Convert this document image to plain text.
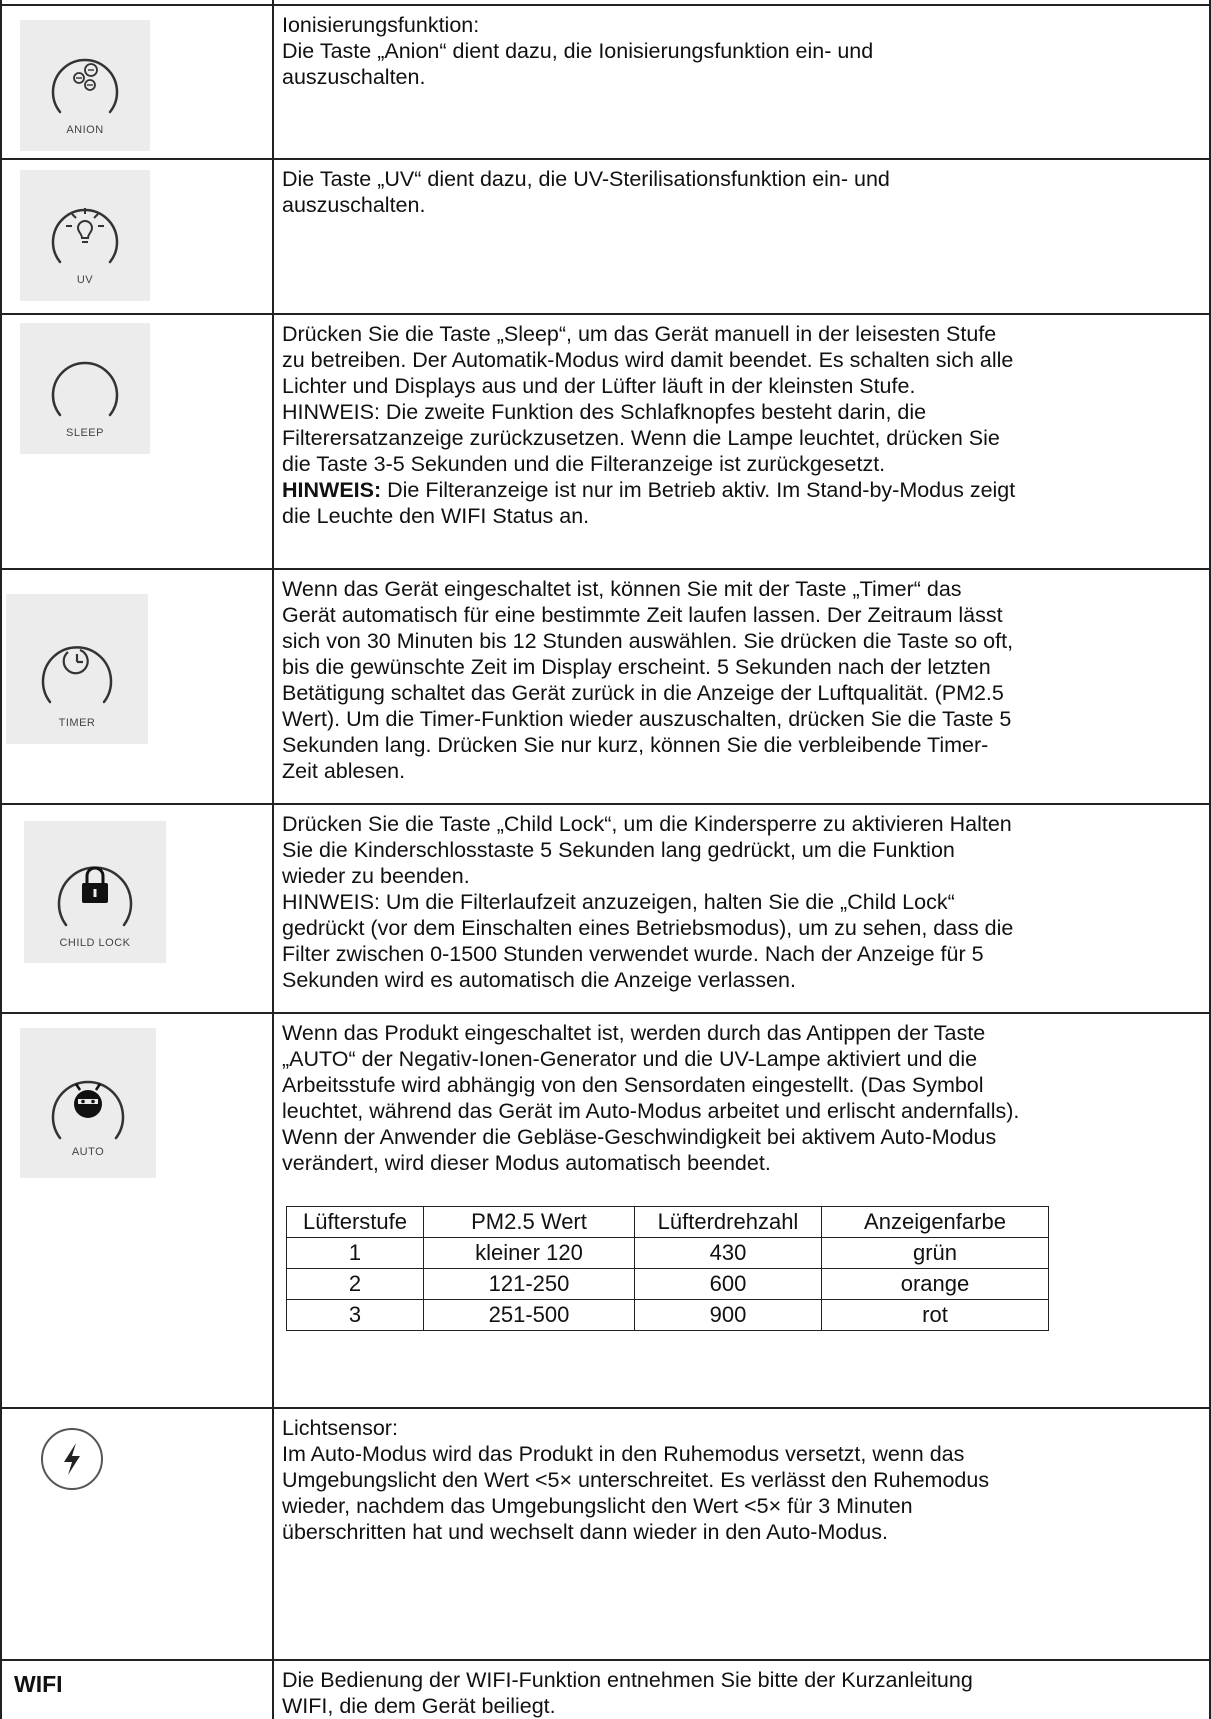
ANION

Ionisierungsfunktion:

Die Taste „Anion“ dient dazu, die Ionisierungsfunktion ein- und

auszuschalten.

UV

Die Taste „UV“ dient dazu, die UV-Sterilisationsfunktion ein- und

auszuschalten.

SLEEP

Drücken Sie die Taste „Sleep“, um das Gerät manuell in der leisesten Stufe

zu betreiben. Der Automatik-Modus wird damit beendet. Es schalten sich alle

Lichter und Displays aus und der Lüfter läuft in der kleinsten Stufe.

HINWEIS: Die zweite Funktion des Schlafknopfes besteht darin, die

Filterersatzanzeige zurückzusetzen. Wenn die Lampe leuchtet, drücken Sie

die Taste 3-5 Sekunden und die Filteranzeige ist zurückgesetzt.

HINWEIS: Die Filteranzeige ist nur im Betrieb aktiv. Im Stand-by-Modus zeigt

die Leuchte den WIFI Status an.

TIMER

Wenn das Gerät eingeschaltet ist, können Sie mit der Taste „Timer“ das

Gerät automatisch für eine bestimmte Zeit laufen lassen. Der Zeitraum lässt

sich von 30 Minuten bis 12 Stunden auswählen. Sie drücken die Taste so oft,

bis die gewünschte Zeit im Display erscheint. 5 Sekunden nach der letzten

Betätigung schaltet das Gerät zurück in die Anzeige der Luftqualität. (PM2.5

Wert). Um die Timer-Funktion wieder auszuschalten, drücken Sie die Taste 5

Sekunden lang. Drücken Sie nur kurz, können Sie die verbleibende Timer-

Zeit ablesen.

CHILD LOCK

Drücken Sie die Taste „Child Lock“, um die Kindersperre zu aktivieren Halten

Sie die Kinderschlosstaste 5 Sekunden lang gedrückt, um die Funktion

wieder zu beenden.

HINWEIS: Um die Filterlaufzeit anzuzeigen, halten Sie die „Child Lock“

gedrückt (vor dem Einschalten eines Betriebsmodus), um zu sehen, dass die

Filter zwischen 0-1500 Stunden verwendet wurde. Nach der Anzeige für 5

Sekunden wird es automatisch die Anzeige verlassen.

AUTO

Wenn das Produkt eingeschaltet ist, werden durch das Antippen der Taste

„AUTO“ der Negativ-Ionen-Generator und die UV-Lampe aktiviert und die

Arbeitsstufe wird abhängig von den Sensordaten eingestellt. (Das Symbol

leuchtet, während das Gerät im Auto-Modus arbeitet und erlischt andernfalls).

Wenn der Anwender die Gebläse-Geschwindigkeit bei aktivem Auto-Modus

verändert, wird dieser Modus automatisch beendet.

Lüfterstufe	PM2.5 Wert	Lüfterdrehzahl	Anzeigenfarbe
1	kleiner 120	430	grün
2	121-250	600	orange
3	251-500	900	rot

Lichtsensor:

Im Auto-Modus wird das Produkt in den Ruhemodus versetzt, wenn das

Umgebungslicht den Wert <5× unterschreitet. Es verlässt den Ruhemodus

wieder, nachdem das Umgebungslicht den Wert <5× für 3 Minuten

überschritten hat und wechselt dann wieder in den Auto-Modus.

WIFI	Die Bedienung der WIFI-Funktion entnehmen Sie bitte der Kurzanleitung

WIFI, die dem Gerät beiliegt.
